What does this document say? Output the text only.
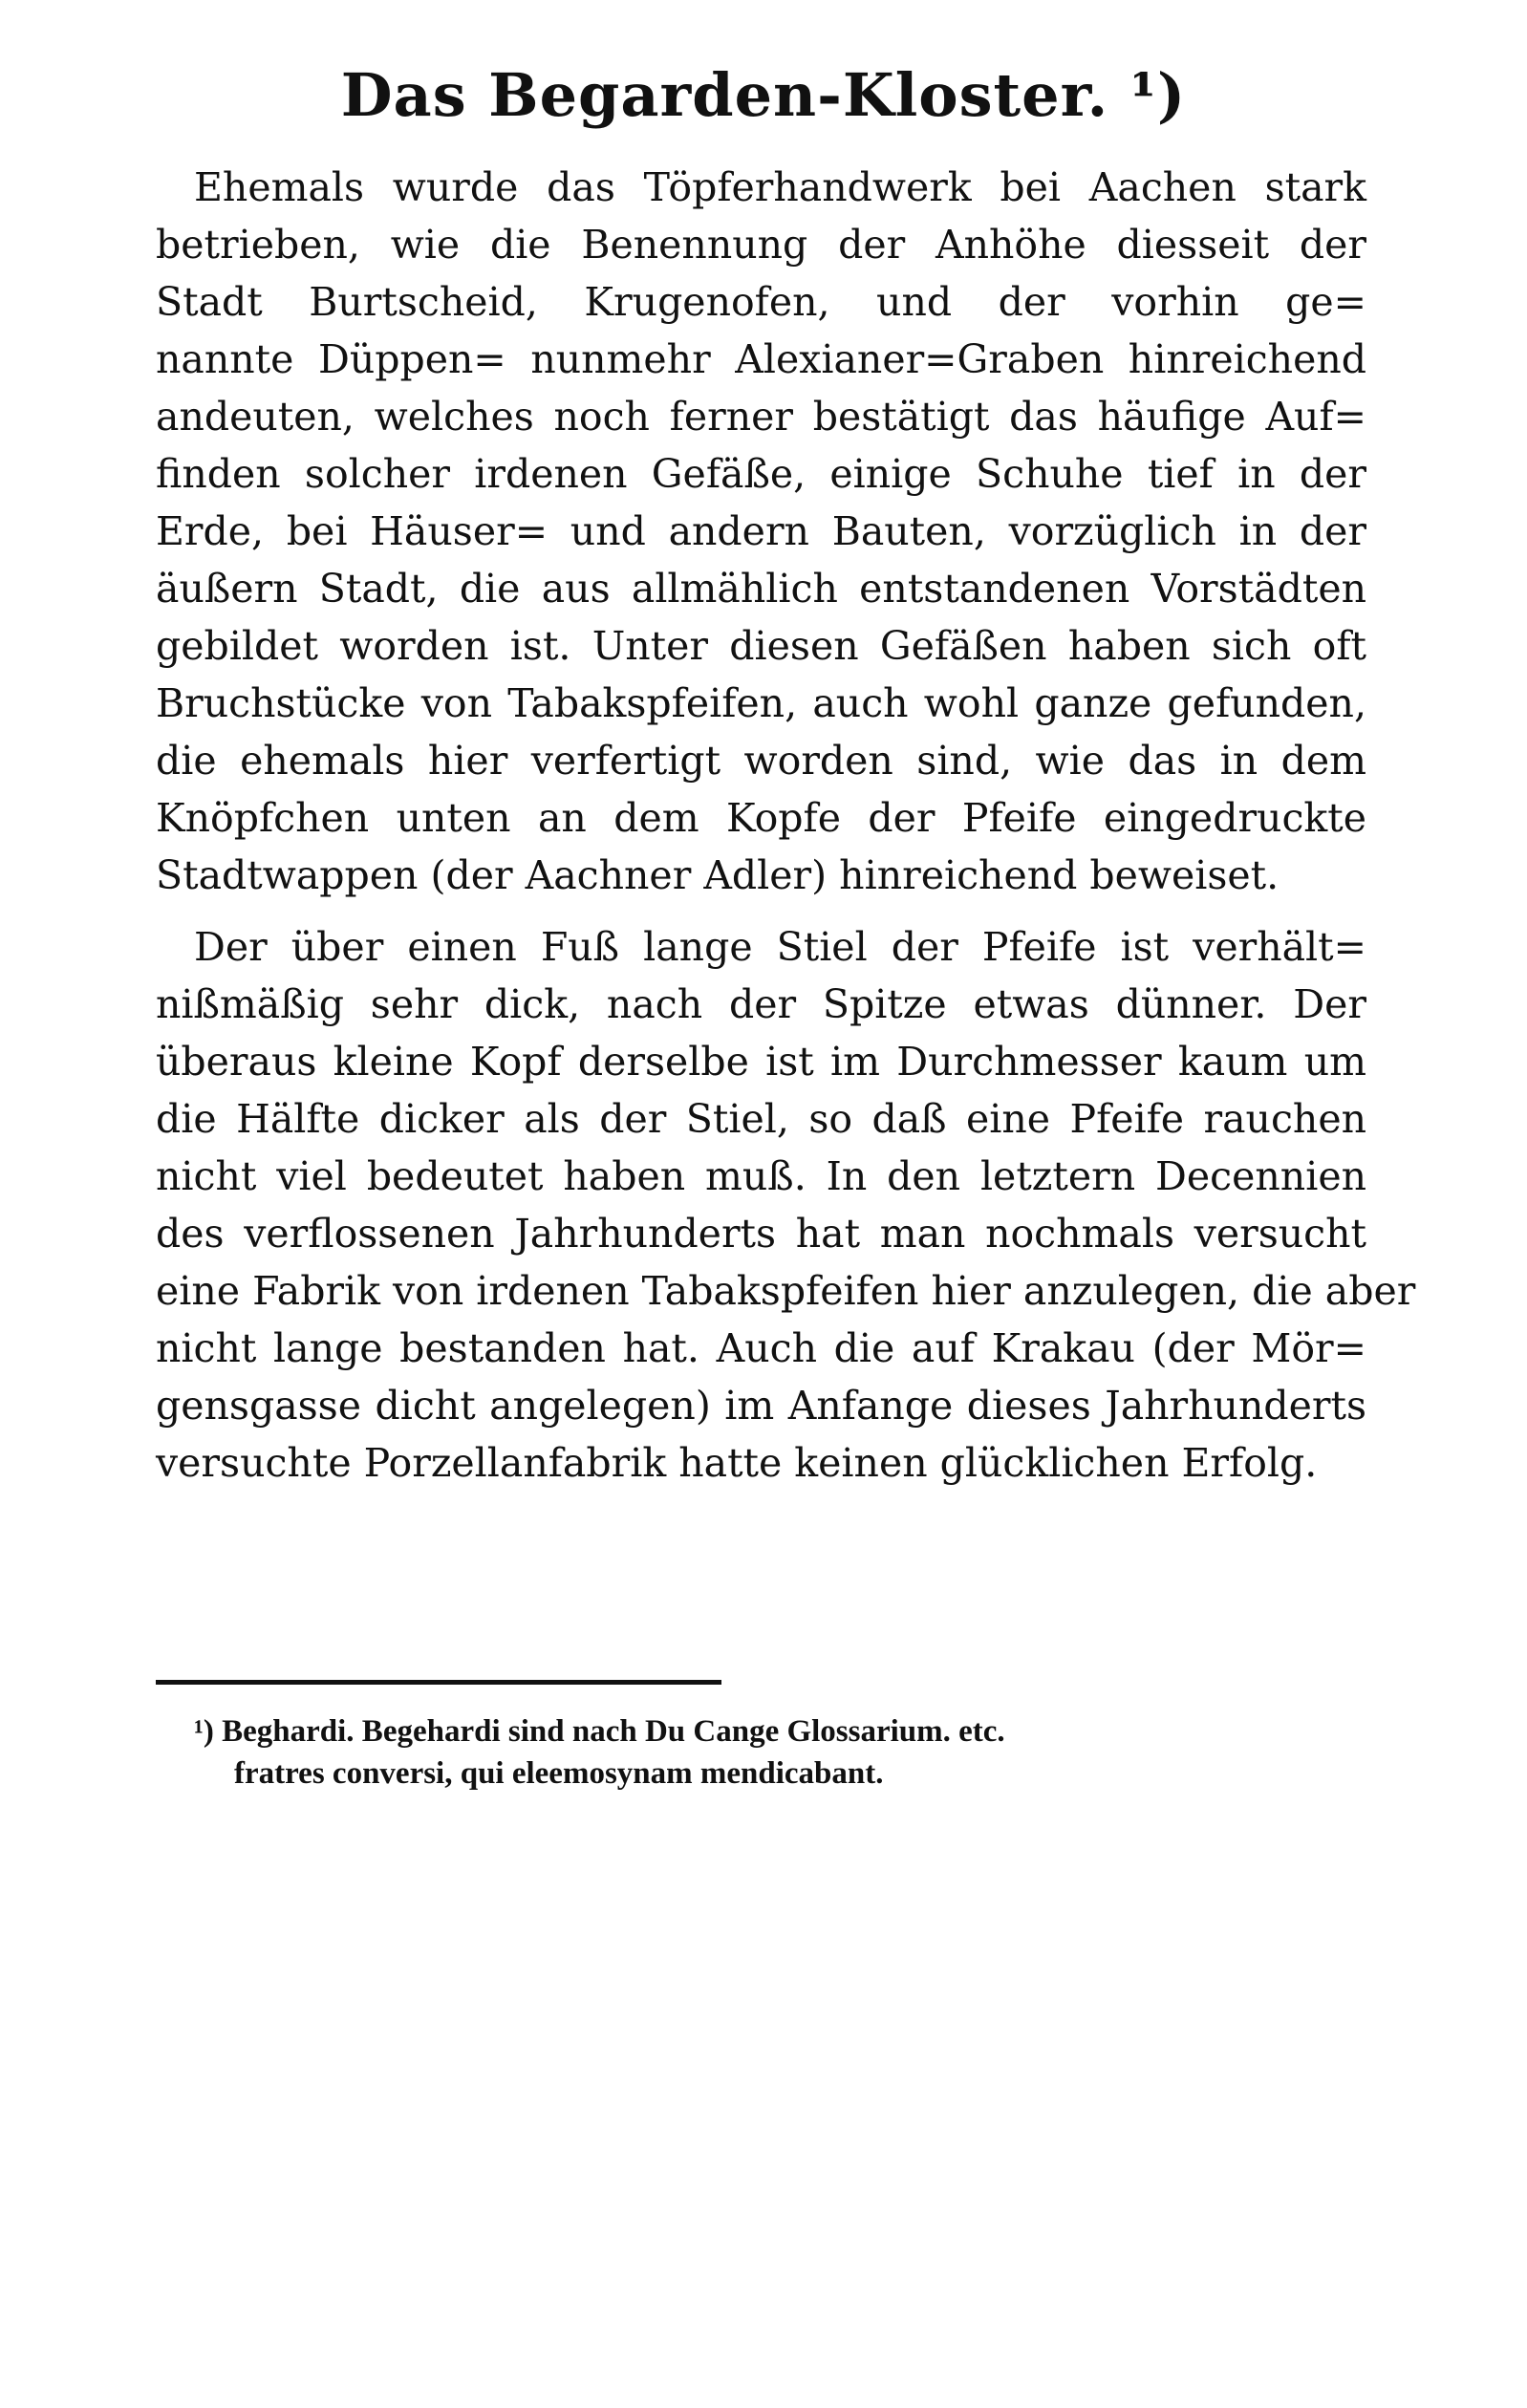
Das Begarden-Kloster. ¹)
Ehemals wurde das Töpferhandwerk bei Aachen stark
betrieben, wie die Benennung der Anhöhe diesseit der
Stadt Burtscheid, Krugenofen, und der vorhin ge=
nannte Düppen= nunmehr Alexianer=Graben hinreichend
andeuten, welches noch ferner bestätigt das häufige Auf=
finden solcher irdenen Gefäße, einige Schuhe tief in der
Erde, bei Häuser= und andern Bauten, vorzüglich in der
äußern Stadt, die aus allmählich entstandenen Vorstädten
gebildet worden ist. Unter diesen Gefäßen haben sich oft
Bruchstücke von Tabakspfeifen, auch wohl ganze gefunden,
die ehemals hier verfertigt worden sind, wie das in dem
Knöpfchen unten an dem Kopfe der Pfeife eingedruckte
Stadtwappen (der Aachner Adler) hinreichend beweiset.
Der über einen Fuß lange Stiel der Pfeife ist verhält=
nißmäßig sehr dick, nach der Spitze etwas dünner. Der
überaus kleine Kopf derselbe ist im Durchmesser kaum um
die Hälfte dicker als der Stiel, so daß eine Pfeife rauchen
nicht viel bedeutet haben muß. In den letztern Decennien
des verflossenen Jahrhunderts hat man nochmals versucht
eine Fabrik von irdenen Tabakspfeifen hier anzulegen, die aber
nicht lange bestanden hat. Auch die auf Krakau (der Mör=
gensgasse dicht angelegen) im Anfange dieses Jahrhunderts
versuchte Porzellanfabrik hatte keinen glücklichen Erfolg.
¹) Beghardi. Begehardi sind nach Du Cange Glossarium. etc.
fratres conversi, qui eleemosynam mendicabant.
